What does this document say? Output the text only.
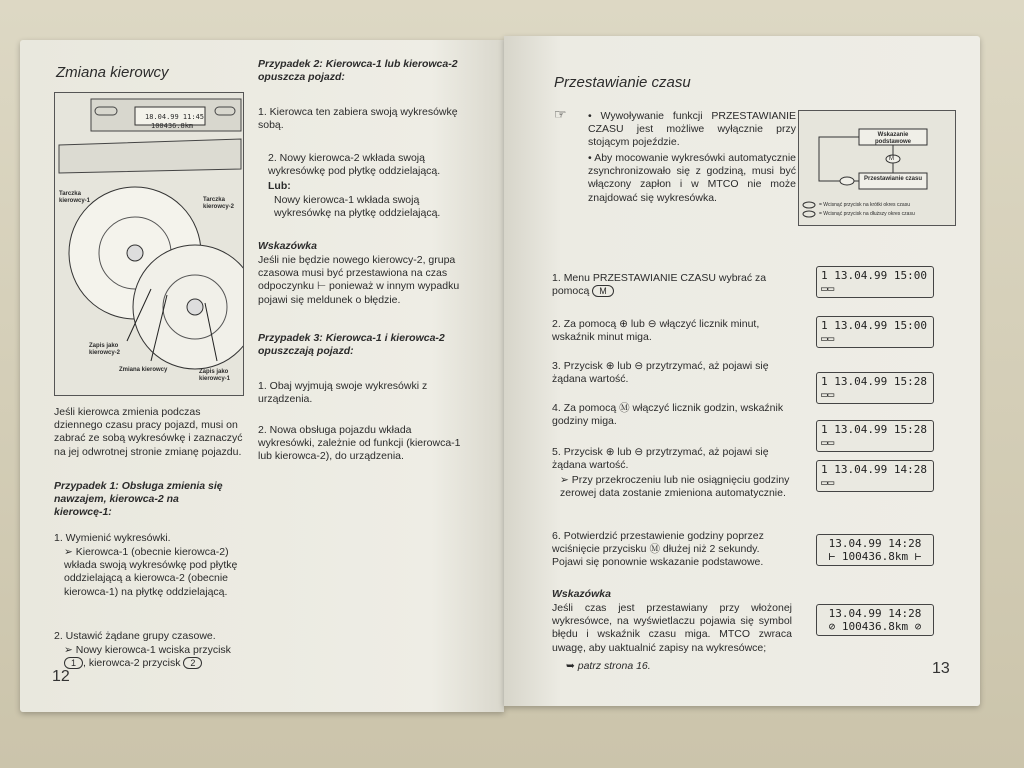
Zmiana kierowcy
18.04.99 11:45
100436.8km
Tarczka kierowcy-1	Tarczka kierowcy-2
Zapis jako kierowcy-2
Zmiana kierowcy	Zapis jako kierowcy-1
Jeśli kierowca zmienia podczas dziennego czasu pracy pojazd, musi on zabrać ze sobą wykresówkę i zaznaczyć na jej odwrotnej stronie zmianę pojazdu.
Przypadek 1: Obsługa zmienia się nawzajem, kierowca-2 na kierowcę-1:
1. Wymienić wykresówki.
➢ Kierowca-1 (obecnie kierowca-2) wkłada swoją wykresówkę pod płytkę oddzielającą a kierowca-2 (obecnie kierowca-1) na płytkę oddzielającą.
2. Ustawić żądane grupy czasowe.
➢ Nowy kierowca-1 wciska przycisk 1 , kierowca-2 przycisk 2
12
Przypadek 2: Kierowca-1 lub kierowca-2 opuszcza pojazd:
1. Kierowca ten zabiera swoją wykresówkę sobą.
2. Nowy kierowca-2 wkłada swoją wykresówkę pod płytkę oddzielającą.
Lub:
Nowy kierowca-1 wkłada swoją wykresówkę na płytkę oddzielającą.
Wskazówka
Jeśli nie będzie nowego kierowcy-2, grupa czasowa musi być przestawiona na czas odpoczynku ⊢ ponieważ w innym wypadku pojawi się meldunek o błędzie.
Przypadek 3: Kierowca-1 i kierowca-2 opuszczają pojazd:
1. Obaj wyjmują swoje wykresówki z urządzenia.
2. Nowa obsługa pojazdu wkłada wykresówki, zależnie od funkcji (kierowca-1 lub kierowca-2), do urządzenia.
Przestawianie czasu
☞ • Wywoływanie funkcji PRZESTAWIANIE CZASU jest możliwe wyłącznie przy stojącym pojeździe.
• Aby mocowanie wykresówki automatycznie zsynchronizowało się z godziną, musi być włączony zapłon i w MTCO nie może znajdować się wykresówka.
Wskazanie podstawowe
Przestawianie czasu
M
= Wcisnąć przycisk na krótki okres czasu
= Wcisnąć przycisk na dłuższy okres czasu
1. Menu PRZESTAWIANIE CZASU wybrać za pomocą M
2. Za pomocą ⊕ lub ⊖ włączyć licznik minut, wskaźnik minut miga.
3. Przycisk ⊕ lub ⊖ przytrzymać, aż pojawi się żądana wartość.
4. Za pomocą Ⓜ włączyć licznik godzin, wskaźnik godziny miga.
5. Przycisk ⊕ lub ⊖ przytrzymać, aż pojawi się żądana wartość.
➢ Przy przekroczeniu lub nie osiągnięciu godziny zerowej data zostanie zmieniona automatycznie.
6. Potwierdzić przestawienie godziny poprzez wciśnięcie przycisku Ⓜ dłużej niż 2 sekundy. Pojawi się ponownie wskazanie podstawowe.
1 13.04.99 15:00
▭▭
1 13.04.99 15:00
▭▭
1 13.04.99 15:28
▭▭
1 13.04.99 15:28
▭▭
1 13.04.99 14:28
▭▭
13.04.99 14:28
⊢ 100436.8km ⊢
Wskazówka
Jeśli czas jest przestawiany przy włożonej wykresówce, na wyświetlaczu pojawia się symbol błędu i wskaźnik czasu miga. MTCO zwraca uwagę, aby uaktualnić zapisy na wykresówce;
➥ patrz strona 16.
13.04.99 14:28
⊘ 100436.8km ⊘
13
